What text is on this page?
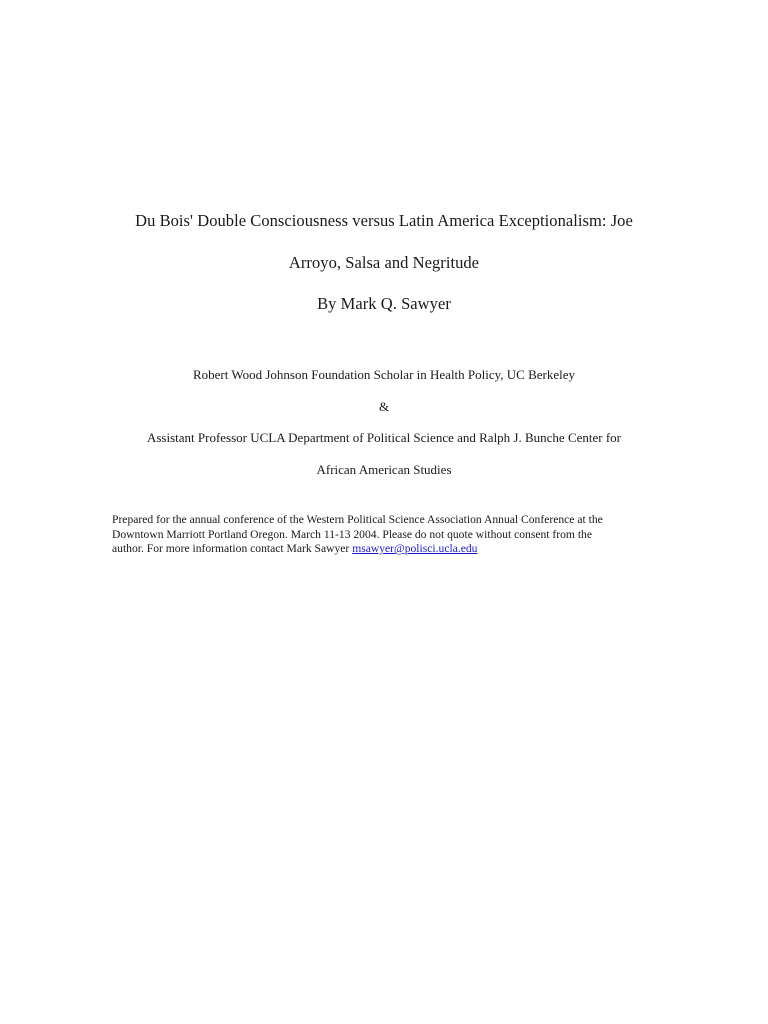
Du Bois' Double Consciousness versus Latin America Exceptionalism: Joe
Arroyo, Salsa and Negritude
By Mark Q. Sawyer
Robert Wood Johnson Foundation Scholar in Health Policy, UC Berkeley
&
Assistant Professor UCLA Department of Political Science and Ralph J. Bunche Center for
African American Studies

Prepared for the annual conference of the Western Political Science Association Annual Conference at the

Downtown Marriott Portland Oregon. March 11-13 2004. Please do not quote without consent from the

author. For more information contact Mark Sawyer msawyer@polisci.ucla.edu
